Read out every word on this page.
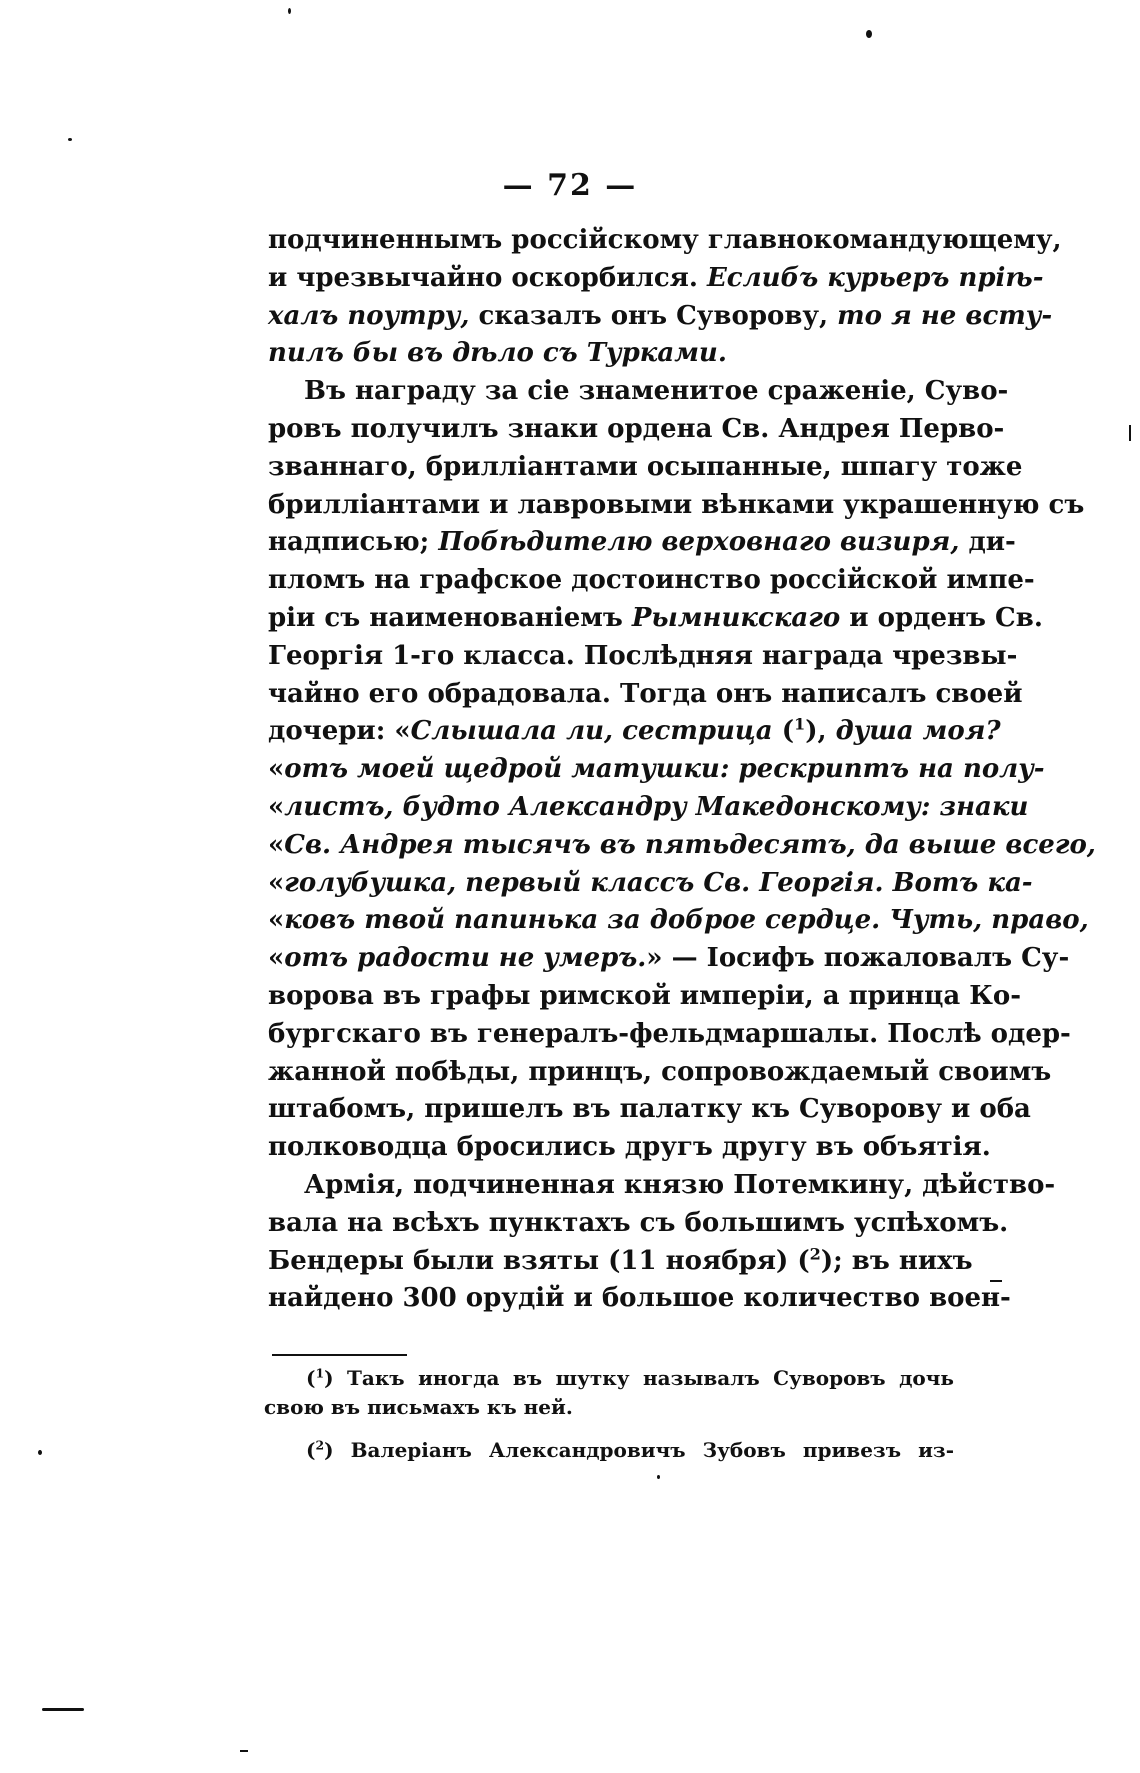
— 72 —
подчиненнымъ россійскому главнокомандующему,
и чрезвычайно оскорбился. Еслибъ курьеръ пріѣ-
халъ поутру, сказалъ онъ Суворову, то я не всту-
пилъ бы въ дѣло съ Турками.
Въ награду за сіе знаменитое сраженіе, Суво-
ровъ получилъ знаки ордена Св. Андрея Перво-
званнаго, бриллiантами осыпанные, шпагу тоже
бриллiантами и лавровыми вѣнками украшенную съ
надписью; Побѣдителю верховнаго визиря, ди-
пломъ на графское достоинство россійской импе-
ріи съ наименованіемъ Рымникскаго и орденъ Св.
Георгія 1-го класса. Послѣдняя награда чрезвы-
чайно его обрадовала. Тогда онъ написалъ своей
дочери: «Слышала ли, сестрица ($^1$), душа моя?
«отъ моей щедрой матушки: рескриптъ на полу-
«листъ, будто Александру Македонскому: знаки
«Св. Андрея тысячъ въ пятьдесятъ, да выше всего,
«голубушка, первый классъ Св. Георгія. Вотъ ка-
«ковъ твой папинька за доброе сердце. Чуть, право,
«отъ радости не умеръ.» — Іосифъ пожаловалъ Су-
ворова въ графы римской имперіи, а принца Ко-
бургскаго въ генералъ-фельдмаршалы. Послѣ одер-
жанной побѣды, принцъ, сопровождаемый своимъ
штабомъ, пришелъ въ палатку къ Суворову и оба
полководца бросились другъ другу въ объятія.
Армія, подчиненная князю Потемкину, дѣйство-
вала на всѣхъ пунктахъ съ большимъ успѣхомъ.
Бендеры были взяты (11 ноября) ($^2$); въ нихъ
найдено 300 орудій и большое количество воен-
($^1$) Такъ иногда въ шутку называлъ Суворовъ дочь
свою въ письмахъ къ ней.
($^2$) Валеріанъ Александровичъ Зубовъ привезъ из-
